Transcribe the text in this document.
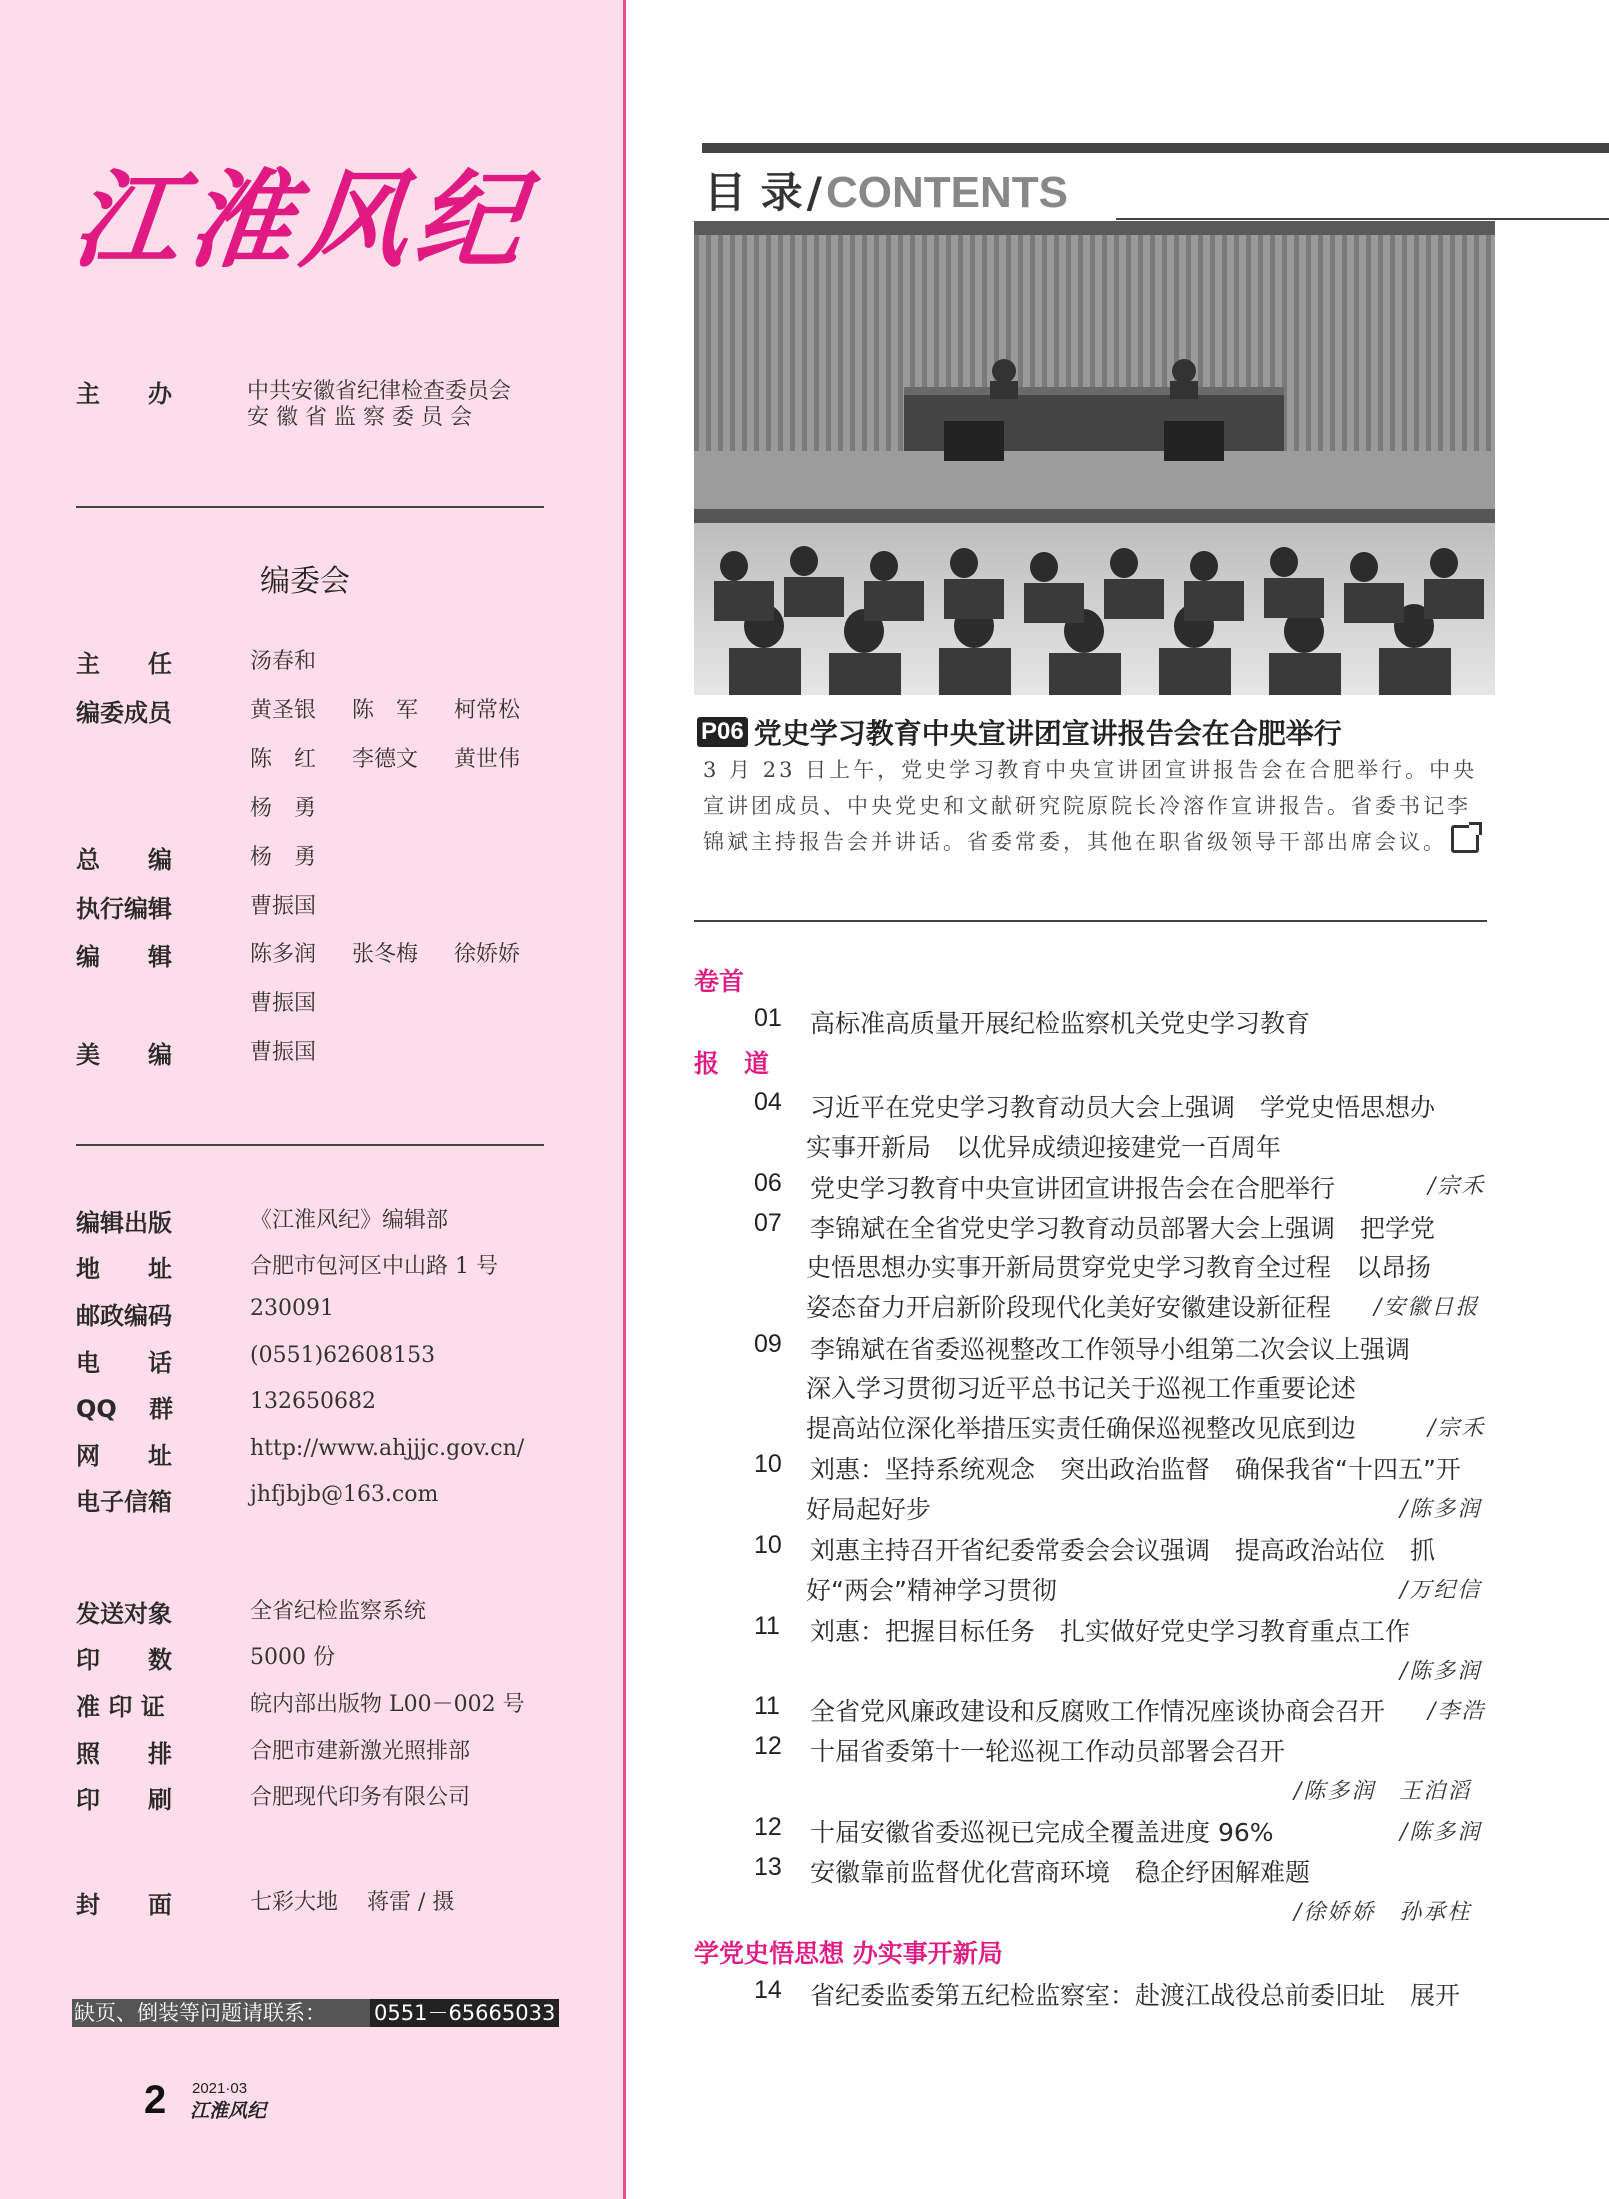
江淮风纪
主　　办	中共安徽省纪律检查委员会
安 徽 省 监 察 委 员 会
编委会
主　　任	汤春和
编委成员	黄圣银 陈　军 柯常松
陈　红 李德文 黄世伟
杨　勇
总　　编	杨　勇
执行编辑	曹振国
编　　辑	陈多润 张冬梅 徐娇娇
曹振国
美　　编	曹振国
编辑出版	《江淮风纪》编辑部
地　　址	合肥市包河区中山路 1 号
邮政编码	230091
电　　话	(0551)62608153
QQ　 群	132650682
网　　址	http://www.ahjjjc.gov.cn/
电子信箱	jhfjbjb@163.com
发送对象	全省纪检监察系统
印　　数	5000 份
准 印 证	皖内部出版物 L00－002 号
照　　排	合肥市建新激光照排部
印　　刷	合肥现代印务有限公司
封　　面	七彩大地　 蒋雷 / 摄
缺页、倒装等问题请联系：	0551－65665033
2 2021·03
江淮风纪
目 录/CONTENTS
P06 党史学习教育中央宣讲团宣讲报告会在合肥举行
3 月 23 日上午，党史学习教育中央宣讲团宣讲报告会在合肥举行。中央
宣讲团成员、中央党史和文献研究院原院长冷溶作宣讲报告。省委书记李
锦斌主持报告会并讲话。省委常委，其他在职省级领导干部出席会议。
卷首
01 高标准高质量开展纪检监察机关党史学习教育
报　道
04 习近平在党史学习教育动员大会上强调　学党史悟思想办
实事开新局　以优异成绩迎接建党一百周年
06 党史学习教育中央宣讲团宣讲报告会在合肥举行	/宗禾
07 李锦斌在全省党史学习教育动员部署大会上强调　把学党
史悟思想办实事开新局贯穿党史学习教育全过程　以昂扬
姿态奋力开启新阶段现代化美好安徽建设新征程 /安徽日报
09 李锦斌在省委巡视整改工作领导小组第二次会议上强调
深入学习贯彻习近平总书记关于巡视工作重要论述
提高站位深化举措压实责任确保巡视整改见底到边	/宗禾
10 刘惠：坚持系统观念　突出政治监督　确保我省“十四五”开
好局起好步	/陈多润
10 刘惠主持召开省纪委常委会会议强调　提高政治站位　抓
好“两会”精神学习贯彻	/万纪信
11 刘惠：把握目标任务　扎实做好党史学习教育重点工作
/陈多润
11 全省党风廉政建设和反腐败工作情况座谈协商会召开 /李浩
12 十届省委第十一轮巡视工作动员部署会召开
/陈多润　王泊滔
12 十届安徽省委巡视已完成全覆盖进度 96%	/陈多润
13 安徽靠前监督优化营商环境　稳企纾困解难题
/徐娇娇　孙承柱
学党史悟思想 办实事开新局
14 省纪委监委第五纪检监察室：赴渡江战役总前委旧址　展开
